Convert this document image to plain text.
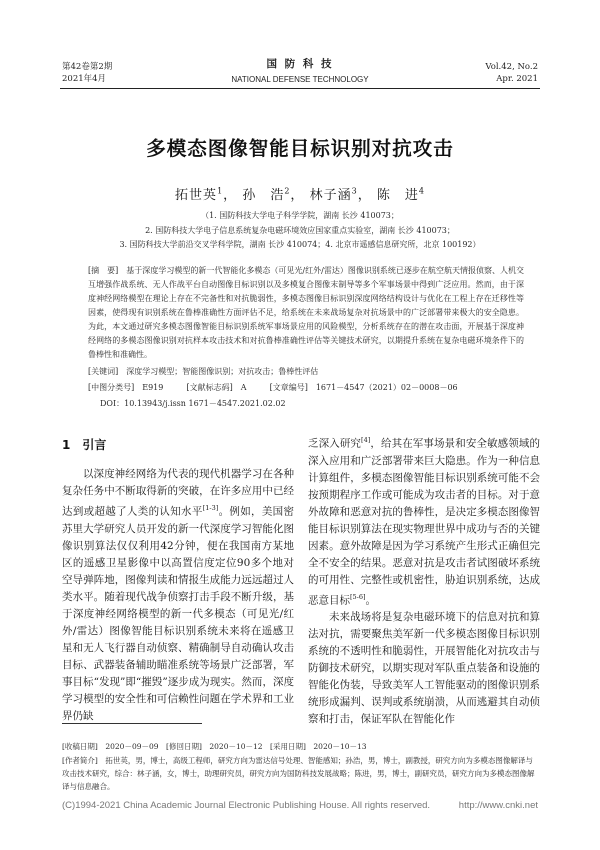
第42卷第2期
2021年4月
国 防 科 技
NATIONAL DEFENSE TECHNOLOGY
Vol.42, No.2
Apr. 2021
多模态图像智能目标识别对抗攻击
拓世英$^1$， 孙　浩$^2$， 林子涵$^3$， 陈　进$^4$
（1. 国防科技大学电子科学学院，湖南 长沙 410073；
2. 国防科技大学电子信息系统复杂电磁环境效应国家重点实验室，湖南 长沙 410073；
3. 国防科技大学前沿交叉学科学院，湖南 长沙 410074；4. 北京市遥感信息研究所，北京 100192）

[摘　要]　 基于深度学习模型的新一代智能化多模态（可见光/红外/雷达）图像识别系统已逐步在航空航天情报侦察、人机交互增强作战系统、无人作战平台自动图像目标识别以及多模复合图像末制导等多个军事场景中得到广泛应用。然而，由于深度神经网络模型在理论上存在不完备性和对抗脆弱性，多模态图像目标识别深度网络结构设计与优化在工程上存在迁移性等因素，使得现有识别系统在鲁棒准确性方面评估不足，给系统在未来战场复杂对抗场景中的广泛部署带来极大的安全隐患。为此，本文通过研究多模态图像智能目标识别系统军事场景应用的风险模型，分析系统存在的潜在攻击面，开展基于深度神经网络的多模态图像识别对抗样本攻击技术和对抗鲁棒准确性评估等关键技术研究，以期提升系统在复杂电磁环境条件下的鲁棒性和准确性。

[关键词]　 深度学习模型；智能图像识别；对抗攻击；鲁棒性评估
[中图分类号]　 E919	[文献标志码]　 A	[文章编号]　 1671－4547（2021）02－0008－06
DOI：10.13943/j.issn 1671－4547.2021.02.02
1　 引言

以深度神经网络为代表的现代机器学习在各种复杂任务中不断取得新的突破，在许多应用中已经达到或超越了人类的认知水平[1-3]。例如，美国密苏里大学研究人员开发的新一代深度学习智能化图像识别算法仅仅利用42分钟，便在我国南方某地区的遥感卫星影像中以高置信度定位90多个地对空导弹阵地，图像判读和情报生成能力远远超过人类水平。随着现代战争侦察打击手段不断升级，基于深度神经网络模型的新一代多模态（可见光/红外/雷达）图像智能目标识别系统未来将在遥感卫星和无人飞行器自动侦察、精确制导自动确认攻击目标、武器装备辅助瞄准系统等场景广泛部署，军事目标“发现”即“摧毁”逐步成为现实。然而，深度学习模型的安全性和可信赖性问题在学术界和工业界仍缺

乏深入研究[4]，给其在军事场景和安全敏感领域的深入应用和广泛部署带来巨大隐患。作为一种信息计算组件，多模态图像智能目标识别系统可能不会按预期程序工作或可能成为攻击者的目标。对于意外故障和恶意对抗的鲁棒性，是决定多模态图像智能目标识别算法在现实物理世界中成功与否的关键因素。意外故障是因为学习系统产生形式正确但完全不安全的结果。恶意对抗是攻击者试图破坏系统的可用性、完整性或机密性，胁迫识别系统，达成恶意目标[5-6]。

未来战场将是复杂电磁环境下的信息对抗和算法对抗，需要聚焦美军新一代多模态图像目标识别系统的不透明性和脆弱性，开展智能化对抗攻击与防御技术研究，以期实现对军队重点装备和设施的智能化伪装，导致美军人工智能驱动的图像识别系统形成漏判、误判或系统崩溃，从而逃避其自动侦察和打击，保证军队在智能化作

[收稿日期]　2020－09－09　[修回日期]　2020－10－12　[采用日期]　2020－10－13
[作者简介]　拓世英，男，博士，高级工程师，研究方向为雷达信号处理、智能感知；孙浩，男，博士，副教授，研究方向为多模态图像解译与攻击技术研究，综合：林子涵，女，博士，助理研究员，研究方向为国防科技发展战略；陈进，男，博士，副研究员，研究方向为多模态图像解译与信息融合。
(C)1994-2021 China Academic Journal Electronic Publishing House. All rights reserved.	http://www.cnki.net
